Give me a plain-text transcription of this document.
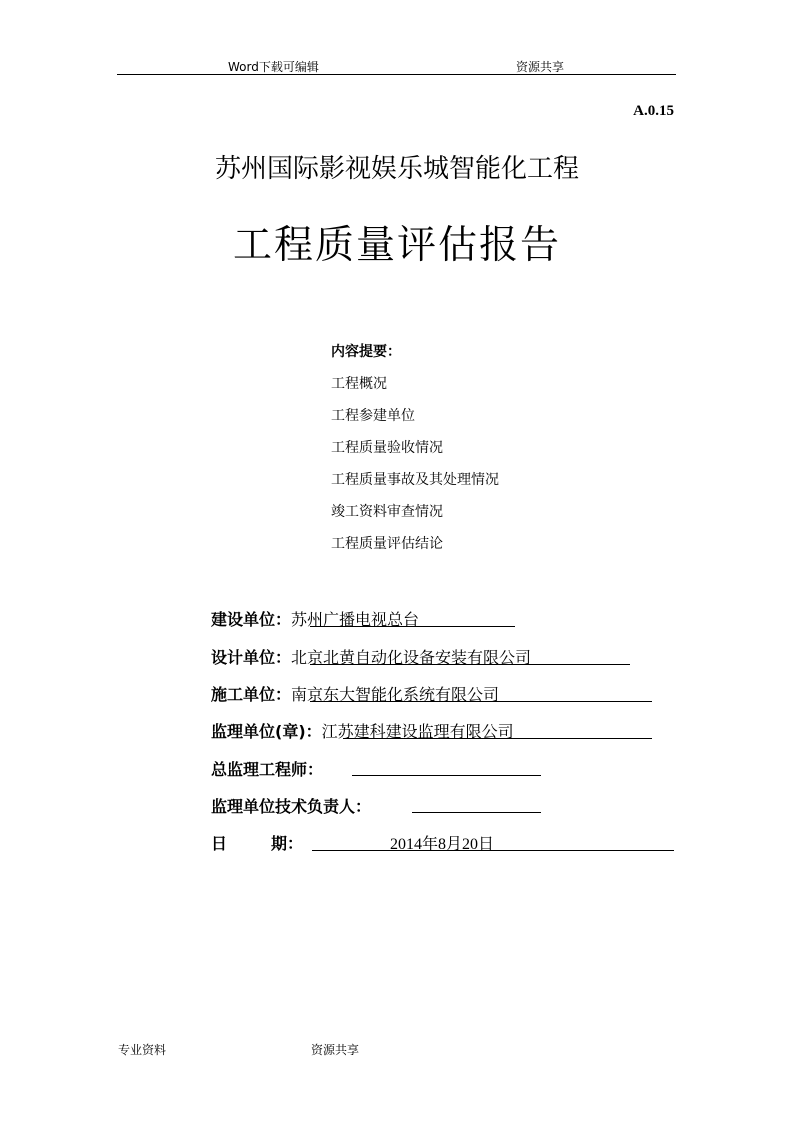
Word下载可编辑	资源共享
A.0.15
苏州国际影视娱乐城智能化工程
工程质量评估报告
内容提要：
工程概况
工程参建单位
工程质量验收情况
工程质量事故及其处理情况
竣工资料审查情况
工程质量评估结论
建设单位：苏州广播电视总台
设计单位：北京北黄自动化设备安装有限公司
施工单位：南京东大智能化系统有限公司
监理单位(章)：江苏建科建设监理有限公司
总监理工程师：
监理单位技术负责人：
日	期：	2014年8月20日
专业资料	资源共享
